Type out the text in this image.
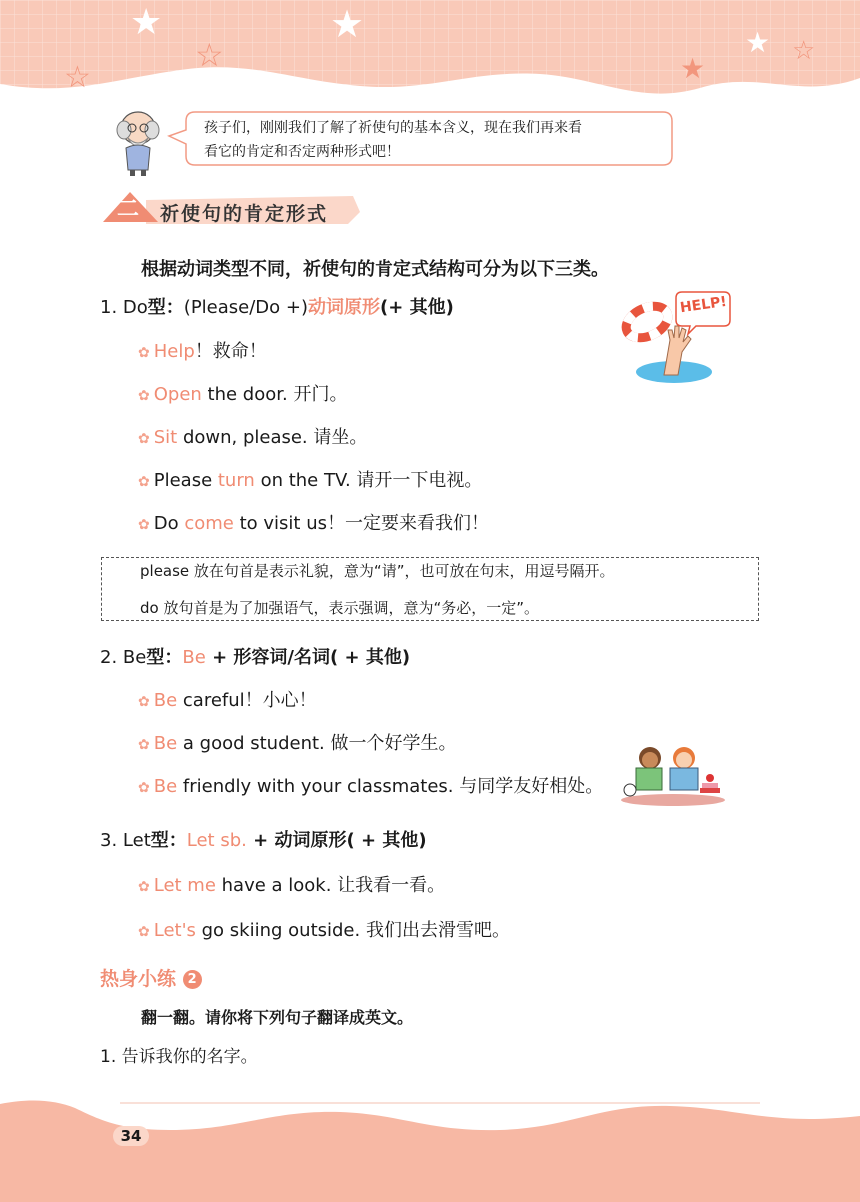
★	★	★
☆
☆	★
☆
孩子们，刚刚我们了解了祈使句的基本含义，现在我们再来看
看它的肯定和否定两种形式吧！
二 祈使句的肯定形式
根据动词类型不同，祈使句的肯定式结构可分为以下三类。
1. Do型：(Please/Do +)动词原形(+ 其他)
✿ Help！救命！
✿ Open the door. 开门。
✿ Sit down, please. 请坐。
✿ Please turn on the TV. 请开一下电视。
✿ Do come to visit us！一定要来看我们！
HELP!
please 放在句首是表示礼貌，意为“请”，也可放在句末，用逗号隔开。
do 放句首是为了加强语气，表示强调，意为“务必，一定”。
2. Be型：Be + 形容词/名词( + 其他)
✿ Be careful！小心！
✿ Be a good student. 做一个好学生。
✿ Be friendly with your classmates. 与同学友好相处。
3. Let型：Let sb. + 动词原形( + 其他)
✿ Let me have a look. 让我看一看。
✿ Let's go skiing outside. 我们出去滑雪吧。
热身小练 2
翻一翻。请你将下列句子翻译成英文。
1. 告诉我你的名字。
34
